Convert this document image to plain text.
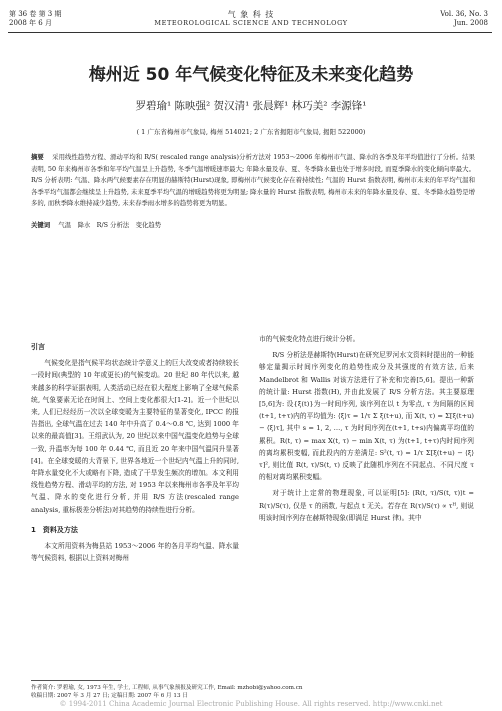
第 36 卷 第 3 期
2008 年 6 月
气 象 科 技
METEOROLOGICAL SCIENCE AND TECHNOLOGY
Vol. 36, No. 3
Jun. 2008
梅州近 50 年气候变化特征及未来变化趋势
罗碧瑜¹ 陈映强² 贺汉清¹ 张晨辉¹ 林巧美² 李源锋¹
( 1 广东省梅州市气象局, 梅州 514021; 2 广东省揭阳市气象局, 揭阳 522000)
摘要 采用线性趋势方程、滑动平均和 R/S( rescaled range analysis)分析方法对 1953～2006 年梅州市气温、降水的各季及年平均值进行了分析。结果表明, 50 年来梅州市各季和年平均气温呈上升趋势, 冬季气温增暖速率最大; 年降水量及春、夏、冬季降水量也处于增多时段, 而夏季降水的变化倾向率最大。R/S 分析表明: 气温、降水两气候要素存在明显的赫斯特(Hurst)现象, 即梅州市气候变化存在着持续性; 气温的 Hurst 指数表明, 梅州市未来的年平均气温和各季平均气温都会继续呈上升趋势, 未来夏季平均气温的增暖趋势将更为明显; 降水量的 Hurst 指数表明, 梅州市未来的年降水量及春、夏、冬季降水趋势是增多的, 而秋季降水维持减少趋势, 未来春季雨水增多的趋势将更为明显。
关键词 气温　降水　R/S 分析法　变化趋势
引言

气候变化是指气候平均状态统计学意义上的巨大改变或者持续较长一段时间(典型的 10 年或更长)的气候变动。20 世纪 80 年代以来, 越来越多的科学证据表明, 人类活动已经在很大程度上影响了全球气候系统, 气象要素无论在时间上、空间上变化都很大[1-2]。近一个世纪以来, 人们已经经历一次以全球变暖为主要特征的显著变化, IPCC 的报告指出, 全球气温在过去 140 年中升高了 0.4～0.8 ℃, 达到 1000 年以来的最高值[3]。王绍武认为, 20 世纪以来中国气温变化趋势与全球一致, 升温率为每 100 年 0.44 ℃, 而且近 20 年来中国气温同升显著[4]。在全球变暖的大背景下, 世界各地近一个世纪内气温上升的同时, 年降水量变化不大或略有下降, 造成了干旱发生频次的增加。本文利用线性趋势方程、滑动平均的方法, 对 1953 年以来梅州市各季及年平均气温、降水的变化进行分析, 并用 R/S 方法(rescaled range analysis, 重标极差分析法)对其趋势的持续性进行分析。

1　资料及方法

本文所用资料为梅县站 1953～2006 年的各月平均气温、降水量等气候资料, 根据以上资料对梅州

市的气候变化特点进行统计分析。

R/S 分析法是赫斯特(Hurst)在研究尼罗河水文资料时提出的一种能够定量揭示时间序列变化的趋势性成分及其强度的有效方法, 后来 Mandelbrot 和 Wallis 对该方法进行了补充和完善[5,6]。提出一种新的统计量: Hurst 指数(H), 并由此发展了 R/S 分析方法。其主要原理[5,6]为: 设{ξ(t)}为一时间序列, 该序列在以 t 为零点, τ 为间隔的区间(t+1, t+τ)内的平均值为: ⟨ξ⟩τ = 1/τ Σ ξ(t+u), 而 X(t, τ) = Σ[ξ(t+u) − ⟨ξ⟩τ], 其中 s = 1, 2, …, τ 为时间序列在(t+1, t+s)内偏离平均值的累积。R(t, τ) = max X(t, τ) − min X(t, τ) 为(t+1, t+τ)内时间序列的离均累积变幅, 而此段内的方差满足: S²(t, τ) = 1/τ Σ[ξ(t+u) − ⟨ξ⟩τ]², 则比值 R(t, τ)/S(t, τ) 反映了此随机序列在不同起点、不同尺度 τ 的相对离均累积变幅。

对于统计上定常的物理现象, 可以证明[5]: ⟨R(t, τ)/S(t, τ)⟩t = R(τ)/S(τ), 仅是 τ 的函数, 与起点 t 无关。若存在 R(τ)/S(τ) ∝ τᴴ, 则说明该时间序列存在赫斯特现象(即满足 Hurst 律)。其中

作者简介: 罗碧瑜, 女, 1973 年生, 学士, 工程师, 从事气象预报及研究工作, Email: mzhobi@yahoo.com.cn
收稿日期: 2007 年 3 月 27 日; 定稿日期: 2007 年 6 月 13 日
© 1994-2011 China Academic Journal Electronic Publishing House. All rights reserved. http://www.cnki.net
